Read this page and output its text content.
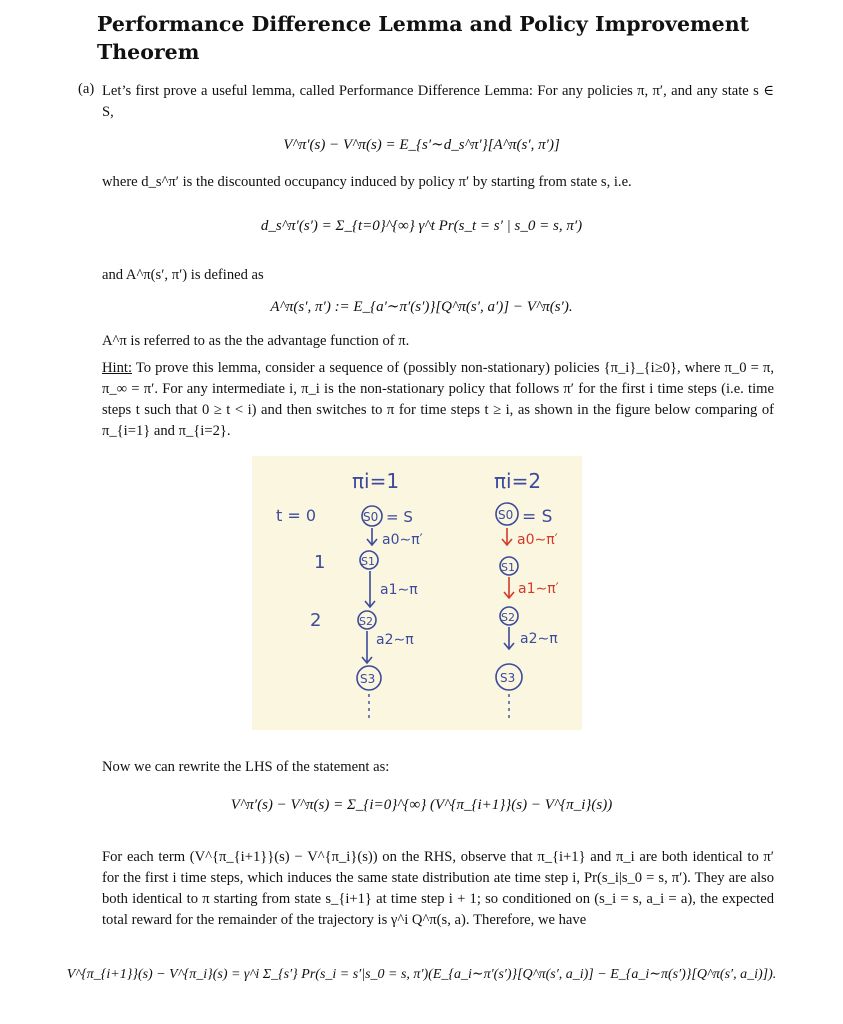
Performance Difference Lemma and Policy Improvement Theorem
(a) Let’s first prove a useful lemma, called Performance Difference Lemma: For any policies π, π′, and any state s ∈ S,
V^π′(s) − V^π(s) = E_{s′∼d_s^π′}[A^π(s′, π′)]
where d_s^π′ is the discounted occupancy induced by policy π′ by starting from state s, i.e.
d_s^π′(s′) = Σ_{t=0}^{∞} γ^t Pr(s_t = s′ | s_0 = s, π′)
and A^π(s′, π′) is defined as
A^π(s′, π′) := E_{a′∼π′(s′)}[Q^π(s′, a′)] − V^π(s′).
A^π is referred to as the the advantage function of π.

Hint: To prove this lemma, consider a sequence of (possibly non-stationary) policies {π_i}_{i≥0}, where π_0 = π, π_∞ = π′. For any intermediate i, π_i is the non-stationary policy that follows π′ for the first i time steps (i.e. time steps t such that 0 ≥ t < i) and then switches to π for time steps t ≥ i, as shown in the figure below comparing of π_{i=1} and π_{i=2}.

πi=1	πi=2
t = 0
1
2
S0 = S
a0∼π′
S1
a1∼π
S2
a2∼π
S3
S0 = S
a0∼π′
S1
a1∼π′
S2
a2∼π
S3
Now we can rewrite the LHS of the statement as:
V^π′(s) − V^π(s) = Σ_{i=0}^{∞} (V^{π_{i+1}}(s) − V^{π_i}(s))
For each term (V^{π_{i+1}}(s) − V^{π_i}(s)) on the RHS, observe that π_{i+1} and π_i are both identical to π′ for the first i time steps, which induces the same state distribution ate time step i, Pr(s_i|s_0 = s, π′). They are also both identical to π starting from state s_{i+1} at time step i + 1; so conditioned on (s_i = s, a_i = a), the expected total reward for the remainder of the trajectory is γ^i Q^π(s, a). Therefore, we have
V^{π_{i+1}}(s) − V^{π_i}(s) = γ^i Σ_{s′} Pr(s_i = s′|s_0 = s, π′)(E_{a_i∼π′(s′)}[Q^π(s′, a_i)] − E_{a_i∼π(s′)}[Q^π(s′, a_i)]).
